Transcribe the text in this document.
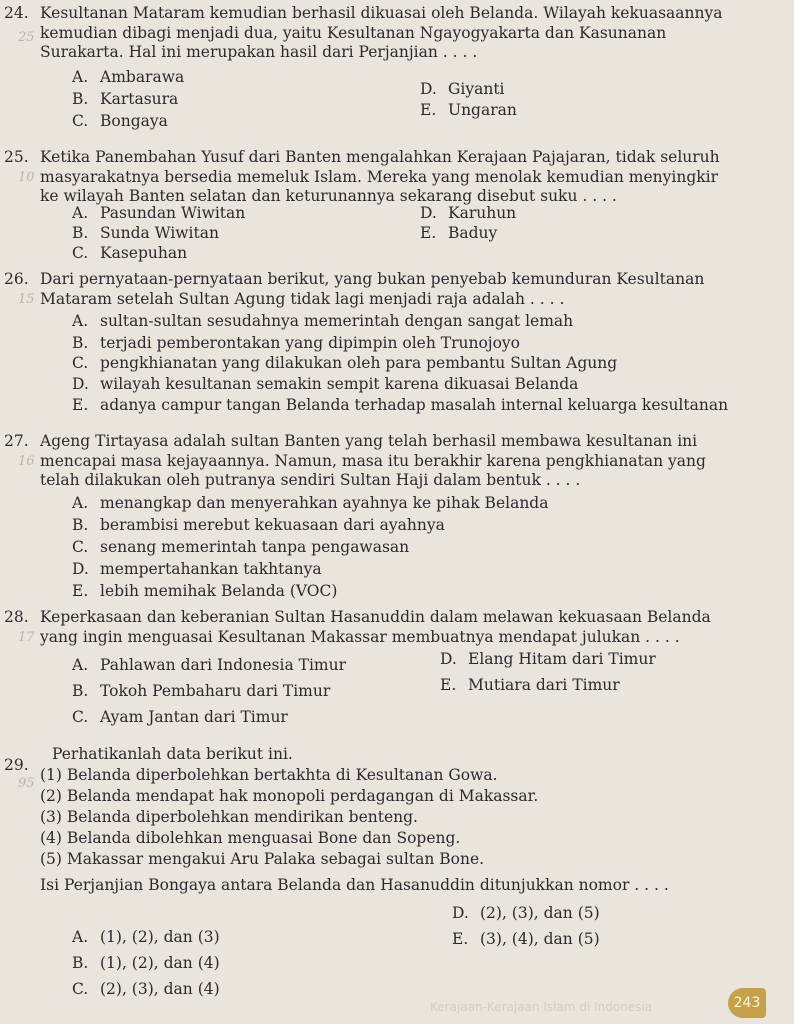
24.
25
Kesultanan Mataram kemudian berhasil dikuasai oleh Belanda. Wilayah kekuasaannya
kemudian dibagi menjadi dua, yaitu Kesultanan Ngayogyakarta dan Kasunanan
Surakarta. Hal ini merupakan hasil dari Perjanjian . . . .
A. Ambarawa
B. Kartasura
C. Bongaya
D. Giyanti
E. Ungaran
25.
10
Ketika Panembahan Yusuf dari Banten mengalahkan Kerajaan Pajajaran, tidak seluruh
masyarakatnya bersedia memeluk Islam. Mereka yang menolak kemudian menyingkir
ke wilayah Banten selatan dan keturunannya sekarang disebut suku . . . .
A. Pasundan Wiwitan
B. Sunda Wiwitan
C. Kasepuhan
D. Karuhun
E. Baduy
26.
15
Dari pernyataan-pernyataan berikut, yang bukan penyebab kemunduran Kesultanan
Mataram setelah Sultan Agung tidak lagi menjadi raja adalah . . . .
A. sultan-sultan sesudahnya memerintah dengan sangat lemah
B. terjadi pemberontakan yang dipimpin oleh Trunojoyo
C. pengkhianatan yang dilakukan oleh para pembantu Sultan Agung
D. wilayah kesultanan semakin sempit karena dikuasai Belanda
E. adanya campur tangan Belanda terhadap masalah internal keluarga kesultanan
27.
16
Ageng Tirtayasa adalah sultan Banten yang telah berhasil membawa kesultanan ini
mencapai masa kejayaannya. Namun, masa itu berakhir karena pengkhianatan yang
telah dilakukan oleh putranya sendiri Sultan Haji dalam bentuk . . . .
A. menangkap dan menyerahkan ayahnya ke pihak Belanda
B. berambisi merebut kekuasaan dari ayahnya
C. senang memerintah tanpa pengawasan
D. mempertahankan takhtanya
E. lebih memihak Belanda (VOC)
28.
17
Keperkasaan dan keberanian Sultan Hasanuddin dalam melawan kekuasaan Belanda
yang ingin menguasai Kesultanan Makassar membuatnya mendapat julukan . . . .
A. Pahlawan dari Indonesia Timur
B. Tokoh Pembaharu dari Timur
C. Ayam Jantan dari Timur
D. Elang Hitam dari Timur
E. Mutiara dari Timur
29.
95
Perhatikanlah data berikut ini.
(1) Belanda diperbolehkan bertakhta di Kesultanan Gowa.
(2) Belanda mendapat hak monopoli perdagangan di Makassar.
(3) Belanda diperbolehkan mendirikan benteng.
(4) Belanda dibolehkan menguasai Bone dan Sopeng.
(5) Makassar mengakui Aru Palaka sebagai sultan Bone.
Isi Perjanjian Bongaya antara Belanda dan Hasanuddin ditunjukkan nomor . . . .
A. (1), (2), dan (3)
B. (1), (2), dan (4)
C. (2), (3), dan (4)
D. (2), (3), dan (5)
E. (3), (4), dan (5)
Kerajaan-Kerajaan Islam di Indonesia	243
